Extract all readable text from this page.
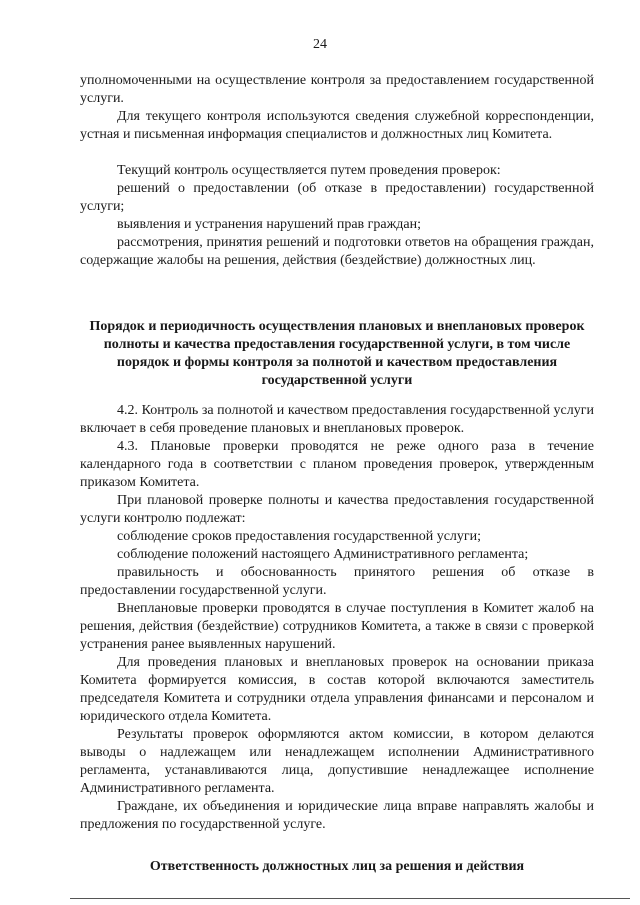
24

уполномоченными на осуществление контроля за предоставлением государственной услуги.

Для текущего контроля используются сведения служебной корреспонденции, устная и письменная информация специалистов и должностных лиц Комитета.

Текущий контроль осуществляется путем проведения проверок:

решений о предоставлении (об отказе в предоставлении) государственной услуги;

выявления и устранения нарушений прав граждан;

рассмотрения, принятия решений и подготовки ответов на обращения граждан, содержащие жалобы на решения, действия (бездействие) должностных лиц.

Порядок и периодичность осуществления плановых и внеплановых проверок полноты и качества предоставления государственной услуги, в том числе порядок и формы контроля за полнотой и качеством предоставления государственной услуги

4.2. Контроль за полнотой и качеством предоставления государственной услуги включает в себя проведение плановых и внеплановых проверок.

4.3. Плановые проверки проводятся не реже одного раза в течение календарного года в соответствии с планом проведения проверок, утвержденным приказом Комитета.

При плановой проверке полноты и качества предоставления государственной услуги контролю подлежат:

соблюдение сроков предоставления государственной услуги;

соблюдение положений настоящего Административного регламента;

правильность и обоснованность принятого решения об отказе в предоставлении государственной услуги.

Внеплановые проверки проводятся в случае поступления в Комитет жалоб на решения, действия (бездействие) сотрудников Комитета, а также в связи с проверкой устранения ранее выявленных нарушений.

Для проведения плановых и внеплановых проверок на основании приказа Комитета формируется комиссия, в состав которой включаются заместитель председателя Комитета и сотрудники отдела управления финансами и персоналом и юридического отдела Комитета.

Результаты проверок оформляются актом комиссии, в котором делаются выводы о надлежащем или ненадлежащем исполнении Административного регламента, устанавливаются лица, допустившие ненадлежащее исполнение Административного регламента.

Граждане, их объединения и юридические лица вправе направлять жалобы и предложения по государственной услуге.

Ответственность должностных лиц за решения и действия
